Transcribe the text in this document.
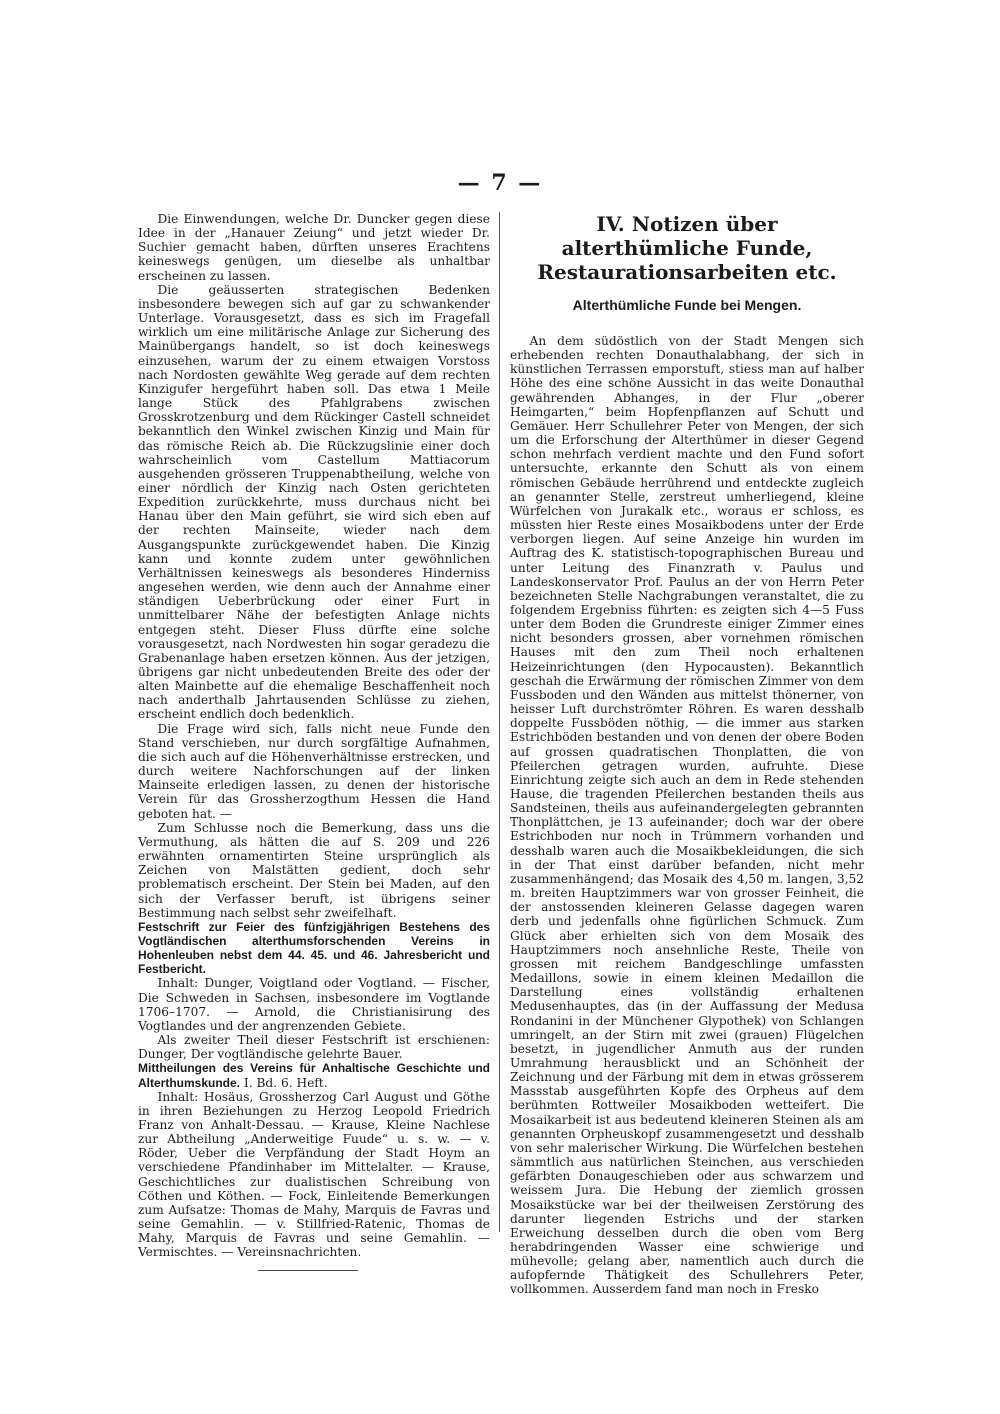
— 7 —

Die Einwendungen, welche Dr. Duncker gegen diese Idee in der „Hanauer Zeiung“ und jetzt wieder Dr. Suchier gemacht haben, dürften unseres Erachtens keineswegs genügen, um dieselbe als unhaltbar erscheinen zu lassen.

Die geäusserten strategischen Bedenken insbesondere bewegen sich auf gar zu schwankender Unterlage. Vorausgesetzt, dass es sich im Fragefall wirklich um eine militärische Anlage zur Sicherung des Mainübergangs handelt, so ist doch keineswegs einzusehen, warum der zu einem etwaigen Vorstoss nach Nordosten gewählte Weg gerade auf dem rechten Kinzigufer hergeführt haben soll. Das etwa 1 Meile lange Stück des Pfahlgrabens zwischen Grosskrotzenburg und dem Rückinger Castell schneidet bekanntlich den Winkel zwischen Kinzig und Main für das römische Reich ab. Die Rückzugslinie einer doch wahrscheinlich vom Castellum Mattiacorum ausgehenden grösseren Truppenabtheilung, welche von einer nördlich der Kinzig nach Osten gerichteten Expedition zurückkehrte, muss durchaus nicht bei Hanau über den Main geführt, sie wird sich eben auf der rechten Mainseite, wieder nach dem Ausgangspunkte zurückgewendet haben. Die Kinzig kann und konnte zudem unter gewöhnlichen Verhältnissen keineswegs als besonderes Hinderniss angesehen werden, wie denn auch der Annahme einer ständigen Ueberbrückung oder einer Furt in unmittelbarer Nähe der befestigten Anlage nichts entgegen steht. Dieser Fluss dürfte eine solche vorausgesetzt, nach Nordwesten hin sogar geradezu die Grabenanlage haben ersetzen können. Aus der jetzigen, übrigens gar nicht unbedeutenden Breite des oder der alten Mainbette auf die ehemalige Beschaffenheit noch nach anderthalb Jahrtausenden Schlüsse zu ziehen, erscheint endlich doch bedenklich.

Die Frage wird sich, falls nicht neue Funde den Stand verschieben, nur durch sorgfältige Aufnahmen, die sich auch auf die Höhenverhältnisse erstrecken, und durch weitere Nachforschungen auf der linken Mainseite erledigen lassen, zu denen der historische Verein für das Grossherzogthum Hessen die Hand geboten hat. —

Zum Schlusse noch die Bemerkung, dass uns die Vermuthung, als hätten die auf S. 209 und 226 erwähnten ornamentirten Steine ursprünglich als Zeichen von Malstätten gedient, doch sehr problematisch erscheint. Der Stein bei Maden, auf den sich der Verfasser beruft, ist übrigens seiner Bestimmung nach selbst sehr zweifelhaft.

Festschrift zur Feier des fünfzigjährigen Bestehens des Vogtländischen alterthumsforschenden Vereins in Hohenleuben nebst dem 44. 45. und 46. Jahresbericht und Festbericht.

Inhalt: Dunger, Voigtland oder Vogtland. — Fischer, Die Schweden in Sachsen, insbesondere im Vogtlande 1706–1707. — Arnold, die Christianisirung des Vogtlandes und der angrenzenden Gebiete.

Als zweiter Theil dieser Festschrift ist erschienen: Dunger, Der vogtländische gelehrte Bauer.

Mittheilungen des Vereins für Anhaltische Geschichte und Alterthumskunde. I. Bd. 6. Heft.

Inhalt: Hosäus, Grossherzog Carl August und Göthe in ihren Beziehungen zu Herzog Leopold Friedrich Franz von Anhalt-Dessau. — Krause, Kleine Nachlese zur Abtheilung „Anderweitige Fuude“ u. s. w. — v. Röder, Ueber die Verpfändung der Stadt Hoym an verschiedene Pfandinhaber im Mittelalter. — Krause, Geschichtliches zur dualistischen Schreibung von Cöthen und Köthen. — Fock, Einleitende Bemerkungen zum Aufsatze: Thomas de Mahy, Marquis de Favras und seine Gemahlin. — v. Stillfried-Ratenic, Thomas de Mahy, Marquis de Favras und seine Gemahlin. — Vermischtes. — Vereinsnachrichten.

IV. Notizen über alterthümliche Funde, Restaurationsarbeiten etc.
Alterthümliche Funde bei Mengen.

An dem südöstlich von der Stadt Mengen sich erhebenden rechten Donauthalabhang, der sich in künstlichen Terrassen emporstuft, stiess man auf halber Höhe des eine schöne Aussicht in das weite Donauthal gewährenden Abhanges, in der Flur „oberer Heimgarten,“ beim Hopfenpflanzen auf Schutt und Gemäuer. Herr Schullehrer Peter von Mengen, der sich um die Erforschung der Alterthümer in dieser Gegend schon mehrfach verdient machte und den Fund sofort untersuchte, erkannte den Schutt als von einem römischen Gebäude herrührend und entdeckte zugleich an genannter Stelle, zerstreut umherliegend, kleine Würfelchen von Jurakalk etc., woraus er schloss, es müssten hier Reste eines Mosaikbodens unter der Erde verborgen liegen. Auf seine Anzeige hin wurden im Auftrag des K. statistisch-topographischen Bureau und unter Leitung des Finanzrath v. Paulus und Landeskonservator Prof. Paulus an der von Herrn Peter bezeichneten Stelle Nachgrabungen veranstaltet, die zu folgendem Ergebniss führten: es zeigten sich 4—5 Fuss unter dem Boden die Grundreste einiger Zimmer eines nicht besonders grossen, aber vornehmen römischen Hauses mit den zum Theil noch erhaltenen Heizeinrichtungen (den Hypocausten). Bekanntlich geschah die Erwärmung der römischen Zimmer von dem Fussboden und den Wänden aus mittelst thönerner, von heisser Luft durchströmter Röhren. Es waren desshalb doppelte Fussböden nöthig, — die immer aus starken Estrichböden bestanden und von denen der obere Boden auf grossen quadratischen Thonplatten, die von Pfeilerchen getragen wurden, aufruhte. Diese Einrichtung zeigte sich auch an dem in Rede stehenden Hause, die tragenden Pfeilerchen bestanden theils aus Sandsteinen, theils aus aufeinandergelegten gebrannten Thonplättchen, je 13 aufeinander; doch war der obere Estrichboden nur noch in Trümmern vorhanden und desshalb waren auch die Mosaikbekleidungen, die sich in der That einst darüber befanden, nicht mehr zusammenhängend; das Mosaik des 4,50 m. langen, 3,52 m. breiten Hauptzimmers war von grosser Feinheit, die der anstossenden kleineren Gelasse dagegen waren derb und jedenfalls ohne figürlichen Schmuck. Zum Glück aber erhielten sich von dem Mosaik des Hauptzimmers noch ansehnliche Reste, Theile von grossen mit reichem Bandgeschlinge umfassten Medaillons, sowie in einem kleinen Medaillon die Darstellung eines vollständig erhaltenen Medusenhauptes, das (in der Auffassung der Medusa Rondanini in der Münchener Glypothek) von Schlangen umringelt, an der Stirn mit zwei (grauen) Flügelchen besetzt, in jugendlicher Anmuth aus der runden Umrahmung herausblickt und an Schönheit der Zeichnung und der Färbung mit dem in etwas grösserem Massstab ausgeführten Kopfe des Orpheus auf dem berühmten Rottweiler Mosaikboden wetteifert. Die Mosaikarbeit ist aus bedeutend kleineren Steinen als am genannten Orpheuskopf zusammengesetzt und desshalb von sehr malerischer Wirkung. Die Würfelchen bestehen sämmtlich aus natürlichen Steinchen, aus verschieden gefärbten Donaugeschieben oder aus schwarzem und weissem Jura. Die Hebung der ziemlich grossen Mosaikstücke war bei der theilweisen Zerstörung des darunter liegenden Estrichs und der starken Erweichung desselben durch die oben vom Berg herabdringenden Wasser eine schwierige und mühevolle; gelang aber, namentlich auch durch die aufopfernde Thätigkeit des Schullehrers Peter, vollkommen. Ausserdem fand man noch in Fresko
